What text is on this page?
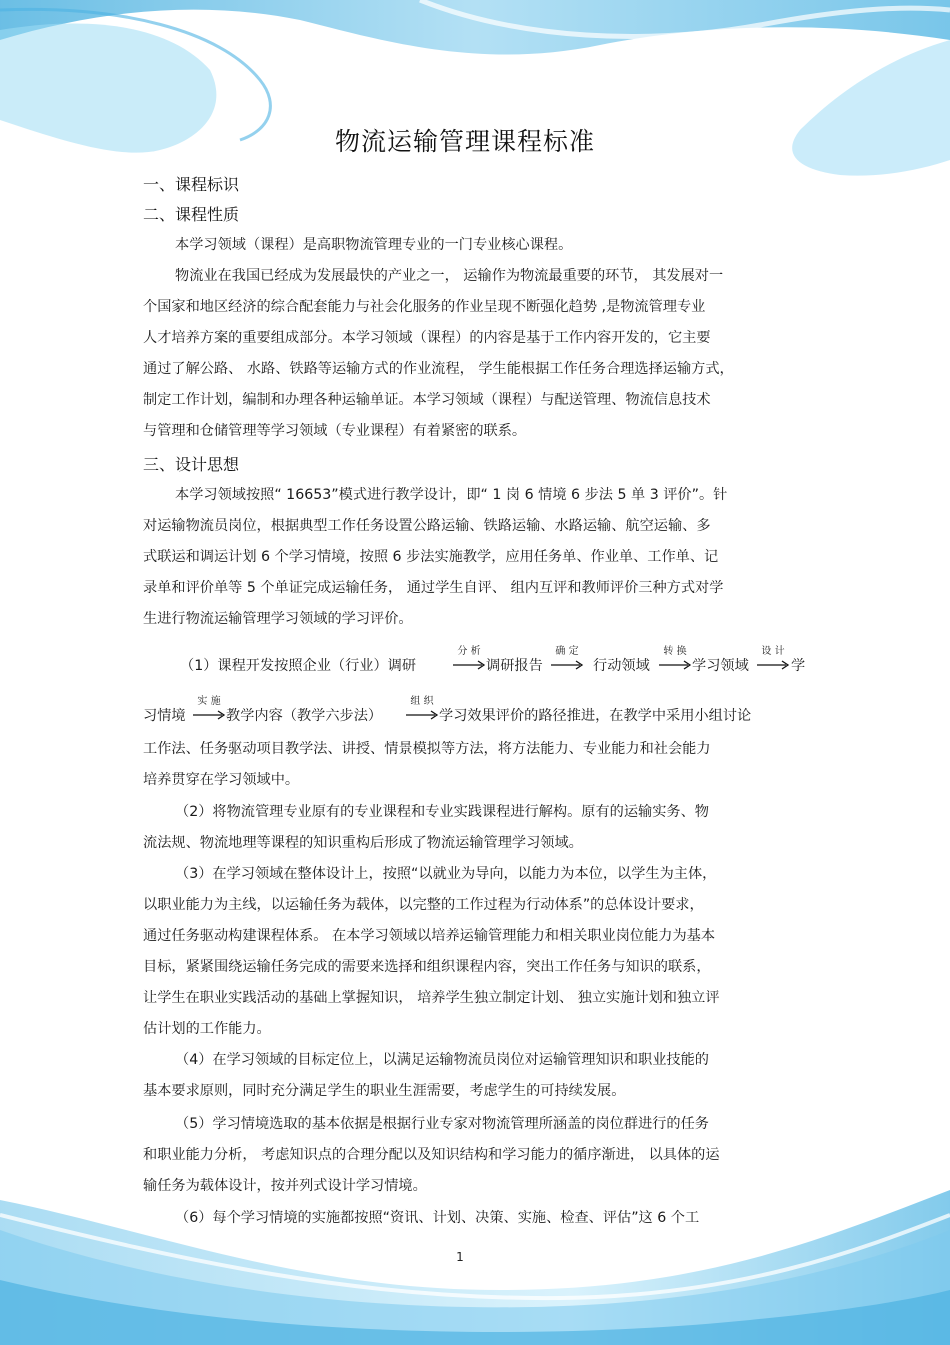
物流运输管理课程标准
一、课程标识
二、课程性质
本学习领域（课程）是高职物流管理专业的一门专业核心课程。
物流业在我国已经成为发展最快的产业之一， 运输作为物流最重要的环节， 其发展对一
个国家和地区经济的综合配套能力与社会化服务的作业呈现不断强化趋势 ,是物流管理专业
人才培养方案的重要组成部分。本学习领域（课程）的内容是基于工作内容开发的，它主要
通过了解公路、 水路、铁路等运输方式的作业流程， 学生能根据工作任务合理选择运输方式，
制定工作计划，编制和办理各种运输单证。本学习领域（课程）与配送管理、物流信息技术
与管理和仓储管理等学习领域（专业课程）有着紧密的联系。
三、设计思想
本学习领域按照“ 16653”模式进行教学设计，即“ 1 岗 6 情境 6 步法 5 单 3 评价”。针
对运输物流员岗位，根据典型工作任务设置公路运输、铁路运输、水路运输、航空运输、多
式联运和调运计划 6 个学习情境，按照 6 步法实施教学，应用任务单、作业单、工作单、记
录单和评价单等 5 个单证完成运输任务， 通过学生自评、 组内互评和教师评价三种方式对学
生进行物流运输管理学习领域的学习评价。
（1）课程开发按照企业（行业）调研
分 析
调研报告
确 定
行动领域
转 换
学习领域
设 计
学
习情境
实 施
教学内容（教学六步法）
组 织
学习效果评价的路径推进，在教学中采用小组讨论
工作法、任务驱动项目教学法、讲授、情景模拟等方法，将方法能力、专业能力和社会能力
培养贯穿在学习领域中。
（2）将物流管理专业原有的专业课程和专业实践课程进行解构。原有的运输实务、物
流法规、物流地理等课程的知识重构后形成了物流运输管理学习领域。
（3）在学习领域在整体设计上，按照“以就业为导向，以能力为本位，以学生为主体，
以职业能力为主线，以运输任务为载体，以完整的工作过程为行动体系”的总体设计要求，
通过任务驱动构建课程体系。 在本学习领域以培养运输管理能力和相关职业岗位能力为基本
目标，紧紧围绕运输任务完成的需要来选择和组织课程内容，突出工作任务与知识的联系，
让学生在职业实践活动的基础上掌握知识， 培养学生独立制定计划、 独立实施计划和独立评
估计划的工作能力。
（4）在学习领域的目标定位上，以满足运输物流员岗位对运输管理知识和职业技能的
基本要求原则，同时充分满足学生的职业生涯需要，考虑学生的可持续发展。
（5）学习情境选取的基本依据是根据行业专家对物流管理所涵盖的岗位群进行的任务
和职业能力分析， 考虑知识点的合理分配以及知识结构和学习能力的循序渐进， 以具体的运
输任务为载体设计，按并列式设计学习情境。
（6）每个学习情境的实施都按照“资讯、计划、决策、实施、检查、评估”这 6 个工
1
